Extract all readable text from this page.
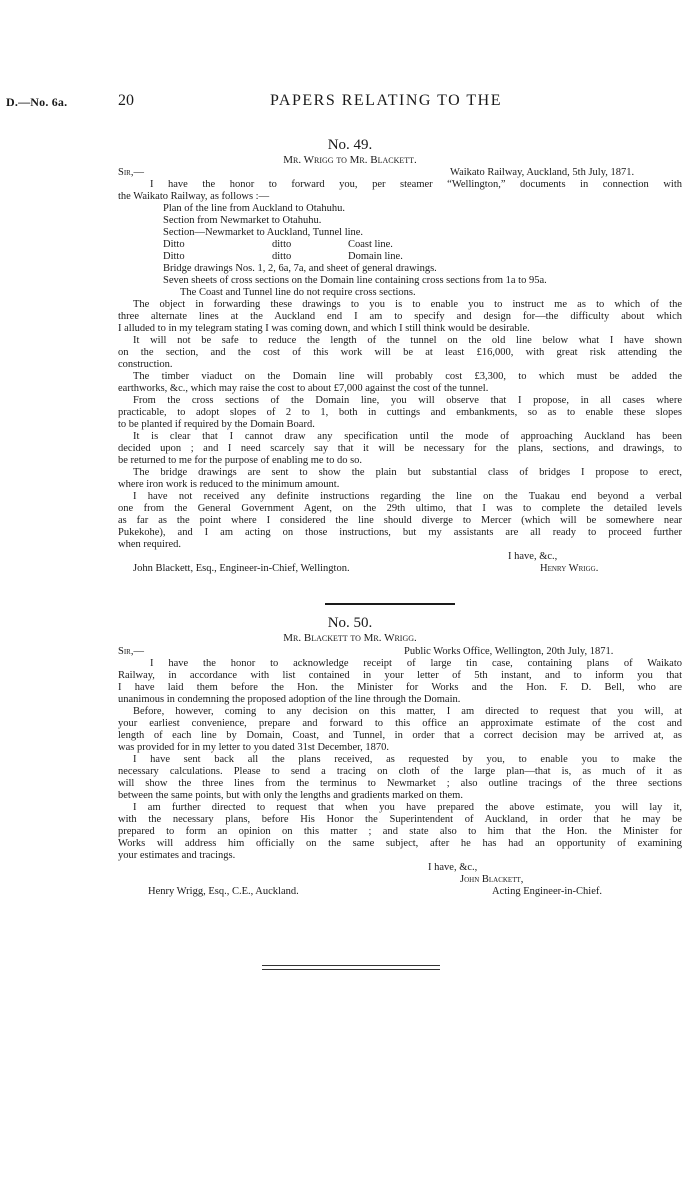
D.—No. 6a.	20	PAPERS RELATING TO THE
No. 49.
Mr. Wrigg to Mr. Blackett.
Sir,—	Waikato Railway, Auckland, 5th July, 1871.
I have the honor to forward you, per steamer “Wellington,” documents in connection with
the Waikato Railway, as follows :—
Plan of the line from Auckland to Otahuhu.
Section from Newmarket to Otahuhu.
Section—Newmarket to Auckland, Tunnel line.
Ditto	ditto	Coast line.
Ditto	ditto	Domain line.
Bridge drawings Nos. 1, 2, 6a, 7a, and sheet of general drawings.
Seven sheets of cross sections on the Domain line containing cross sections from 1a to 95a.
The Coast and Tunnel line do not require cross sections.
The object in forwarding these drawings to you is to enable you to instruct me as to which of the
three alternate lines at the Auckland end I am to specify and design for—the difficulty about which
I alluded to in my telegram stating I was coming down, and which I still think would be desirable.
It will not be safe to reduce the length of the tunnel on the old line below what I have shown
on the section, and the cost of this work will be at least £16,000, with great risk attending the
construction.
The timber viaduct on the Domain line will probably cost £3,300, to which must be added the
earthworks, &c., which may raise the cost to about £7,000 against the cost of the tunnel.
From the cross sections of the Domain line, you will observe that I propose, in all cases where
practicable, to adopt slopes of 2 to 1, both in cuttings and embankments, so as to enable these slopes
to be planted if required by the Domain Board.
It is clear that I cannot draw any specification until the mode of approaching Auckland has been
decided upon ; and I need scarcely say that it will be necessary for the plans, sections, and drawings, to
be returned to me for the purpose of enabling me to do so.
The bridge drawings are sent to show the plain but substantial class of bridges I propose to erect,
where iron work is reduced to the minimum amount.
I have not received any definite instructions regarding the line on the Tuakau end beyond a verbal
one from the General Government Agent, on the 29th ultimo, that I was to complete the detailed levels
as far as the point where I considered the line should diverge to Mercer (which will be somewhere near
Pukekohe), and I am acting on those instructions, but my assistants are all ready to proceed further
when required.
I have, &c.,
John Blackett, Esq., Engineer-in-Chief, Wellington.	Henry Wrigg.
No. 50.
Mr. Blackett to Mr. Wrigg.
Sir,—	Public Works Office, Wellington, 20th July, 1871.
I have the honor to acknowledge receipt of large tin case, containing plans of Waikato
Railway, in accordance with list contained in your letter of 5th instant, and to inform you that
I have laid them before the Hon. the Minister for Works and the Hon. F. D. Bell, who are
unanimous in condemning the proposed adoption of the line through the Domain.
Before, however, coming to any decision on this matter, I am directed to request that you will, at
your earliest convenience, prepare and forward to this office an approximate estimate of the cost and
length of each line by Domain, Coast, and Tunnel, in order that a correct decision may be arrived at, as
was provided for in my letter to you dated 31st December, 1870.
I have sent back all the plans received, as requested by you, to enable you to make the
necessary calculations. Please to send a tracing on cloth of the large plan—that is, as much of it as
will show the three lines from the terminus to Newmarket ; also outline tracings of the three sections
between the same points, but with only the lengths and gradients marked on them.
I am further directed to request that when you have prepared the above estimate, you will lay it,
with the necessary plans, before His Honor the Superintendent of Auckland, in order that he may be
prepared to form an opinion on this matter ; and state also to him that the Hon. the Minister for
Works will address him officially on the same subject, after he has had an opportunity of examining
your estimates and tracings.
I have, &c.,
John Blackett,
Henry Wrigg, Esq., C.E., Auckland.	Acting Engineer-in-Chief.
